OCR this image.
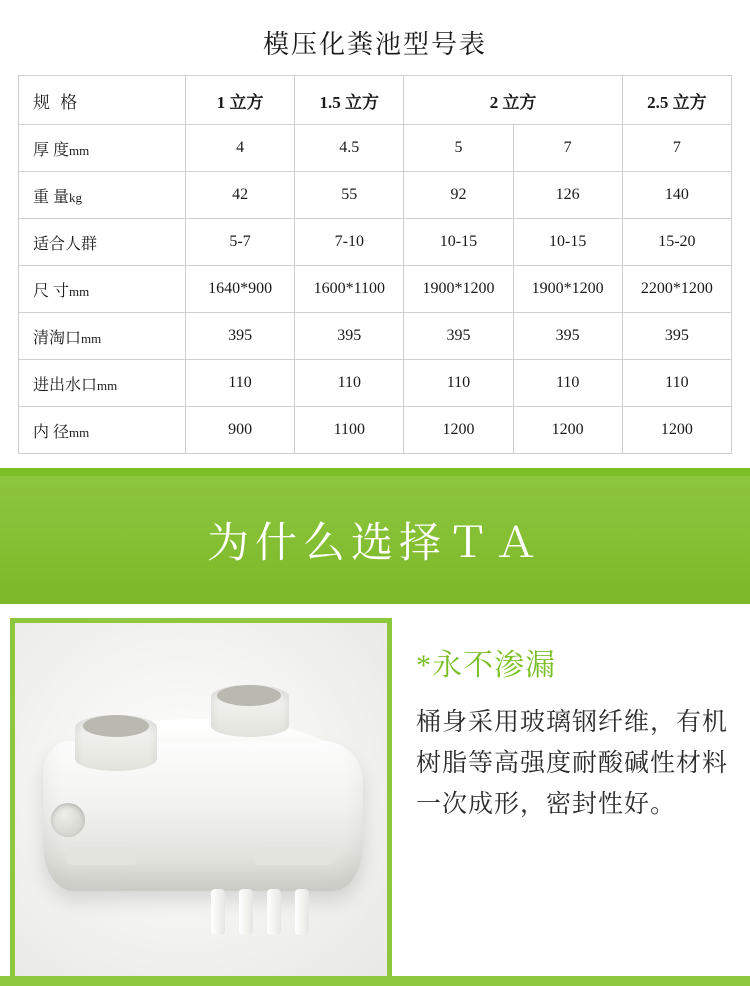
模压化粪池型号表
规 格	1 立方	1.5 立方	2 立方		2.5 立方
厚 度mm	4	4.5	5	7	7
重 量kg	42	55	92	126	140
适合人群	5-7	7-10	10-15	10-15	15-20
尺 寸mm	1640*900	1600*1100	1900*1200	1900*1200	2200*1200
清淘口mm	395	395	395	395	395
进出水口mm	110	110	110	110	110
内 径mm	900	1100	1200	1200	1200
为什么选择ＴＡ
*永不渗漏
桶身采用玻璃钢纤维，有机树脂等高强度耐酸碱性材料一次成形，密封性好。
